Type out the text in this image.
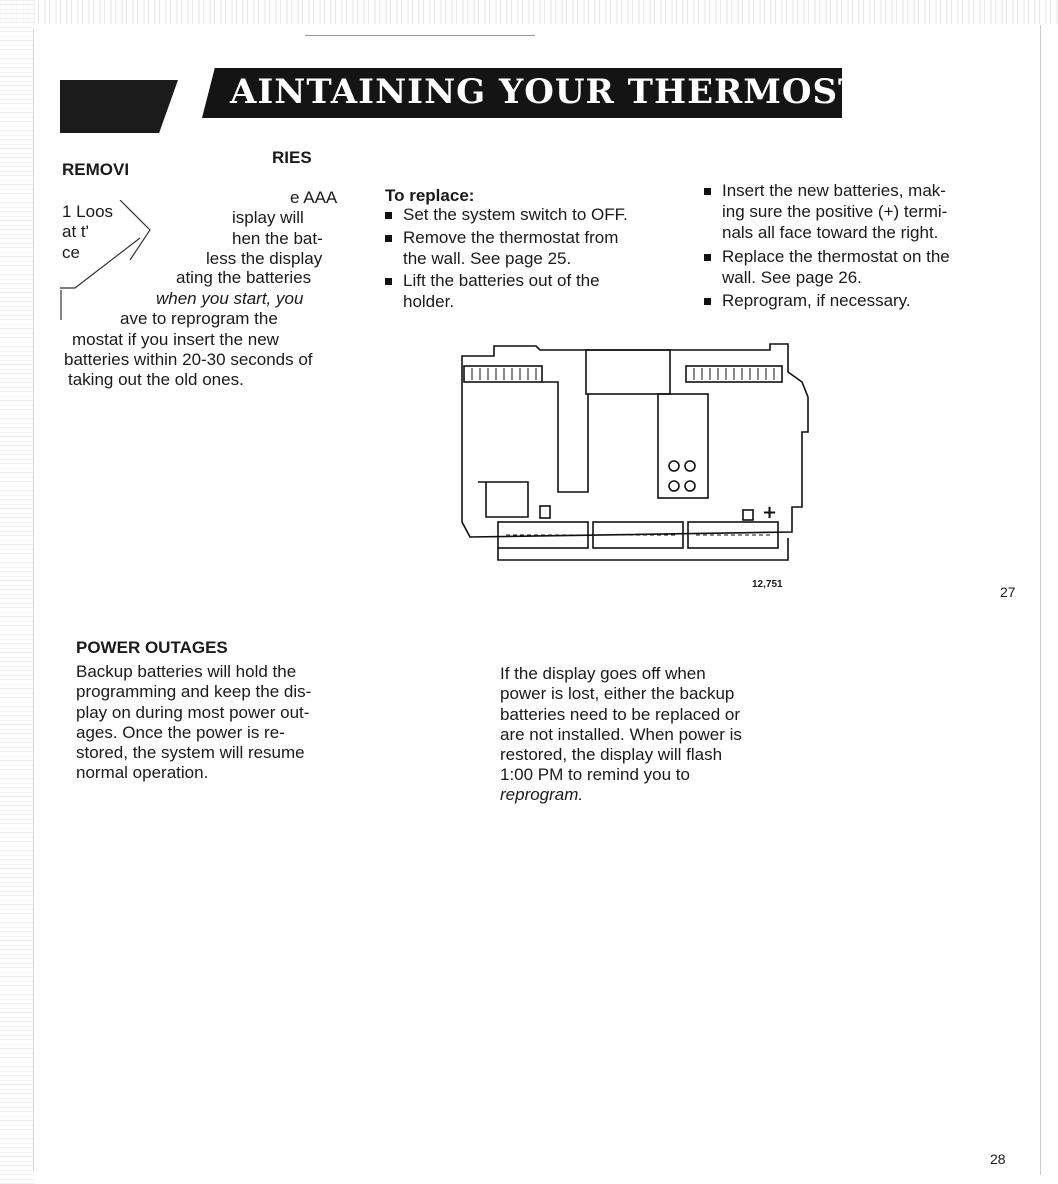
AINTAINING YOUR THERMOSTAT
REMOVI
RIES
1 Loos
at t'
ce
e AAA
isplay will
hen the bat-
less the display
ating the batteries
when you start, you
ave to reprogram the
mostat if you insert the new
batteries within 20-30 seconds of
taking out the old ones.
To replace:
Set the system switch to OFF.
Remove the thermostat from
the wall. See page 25.
Lift the batteries out of the
holder.
Insert the new batteries, mak-
ing sure the positive (+) termi-
nals all face toward the right.
Replace the thermostat on the
wall. See page 26.
Reprogram, if necessary.
+
12,751	27
POWER OUTAGES
Backup batteries will hold the
programming and keep the dis-
play on during most power out-
ages. Once the power is re-
stored, the system will resume
normal operation.
If the display goes off when
power is lost, either the backup
batteries need to be replaced or
are not installed. When power is
restored, the display will flash
1:00 PM to remind you to
reprogram.
28
